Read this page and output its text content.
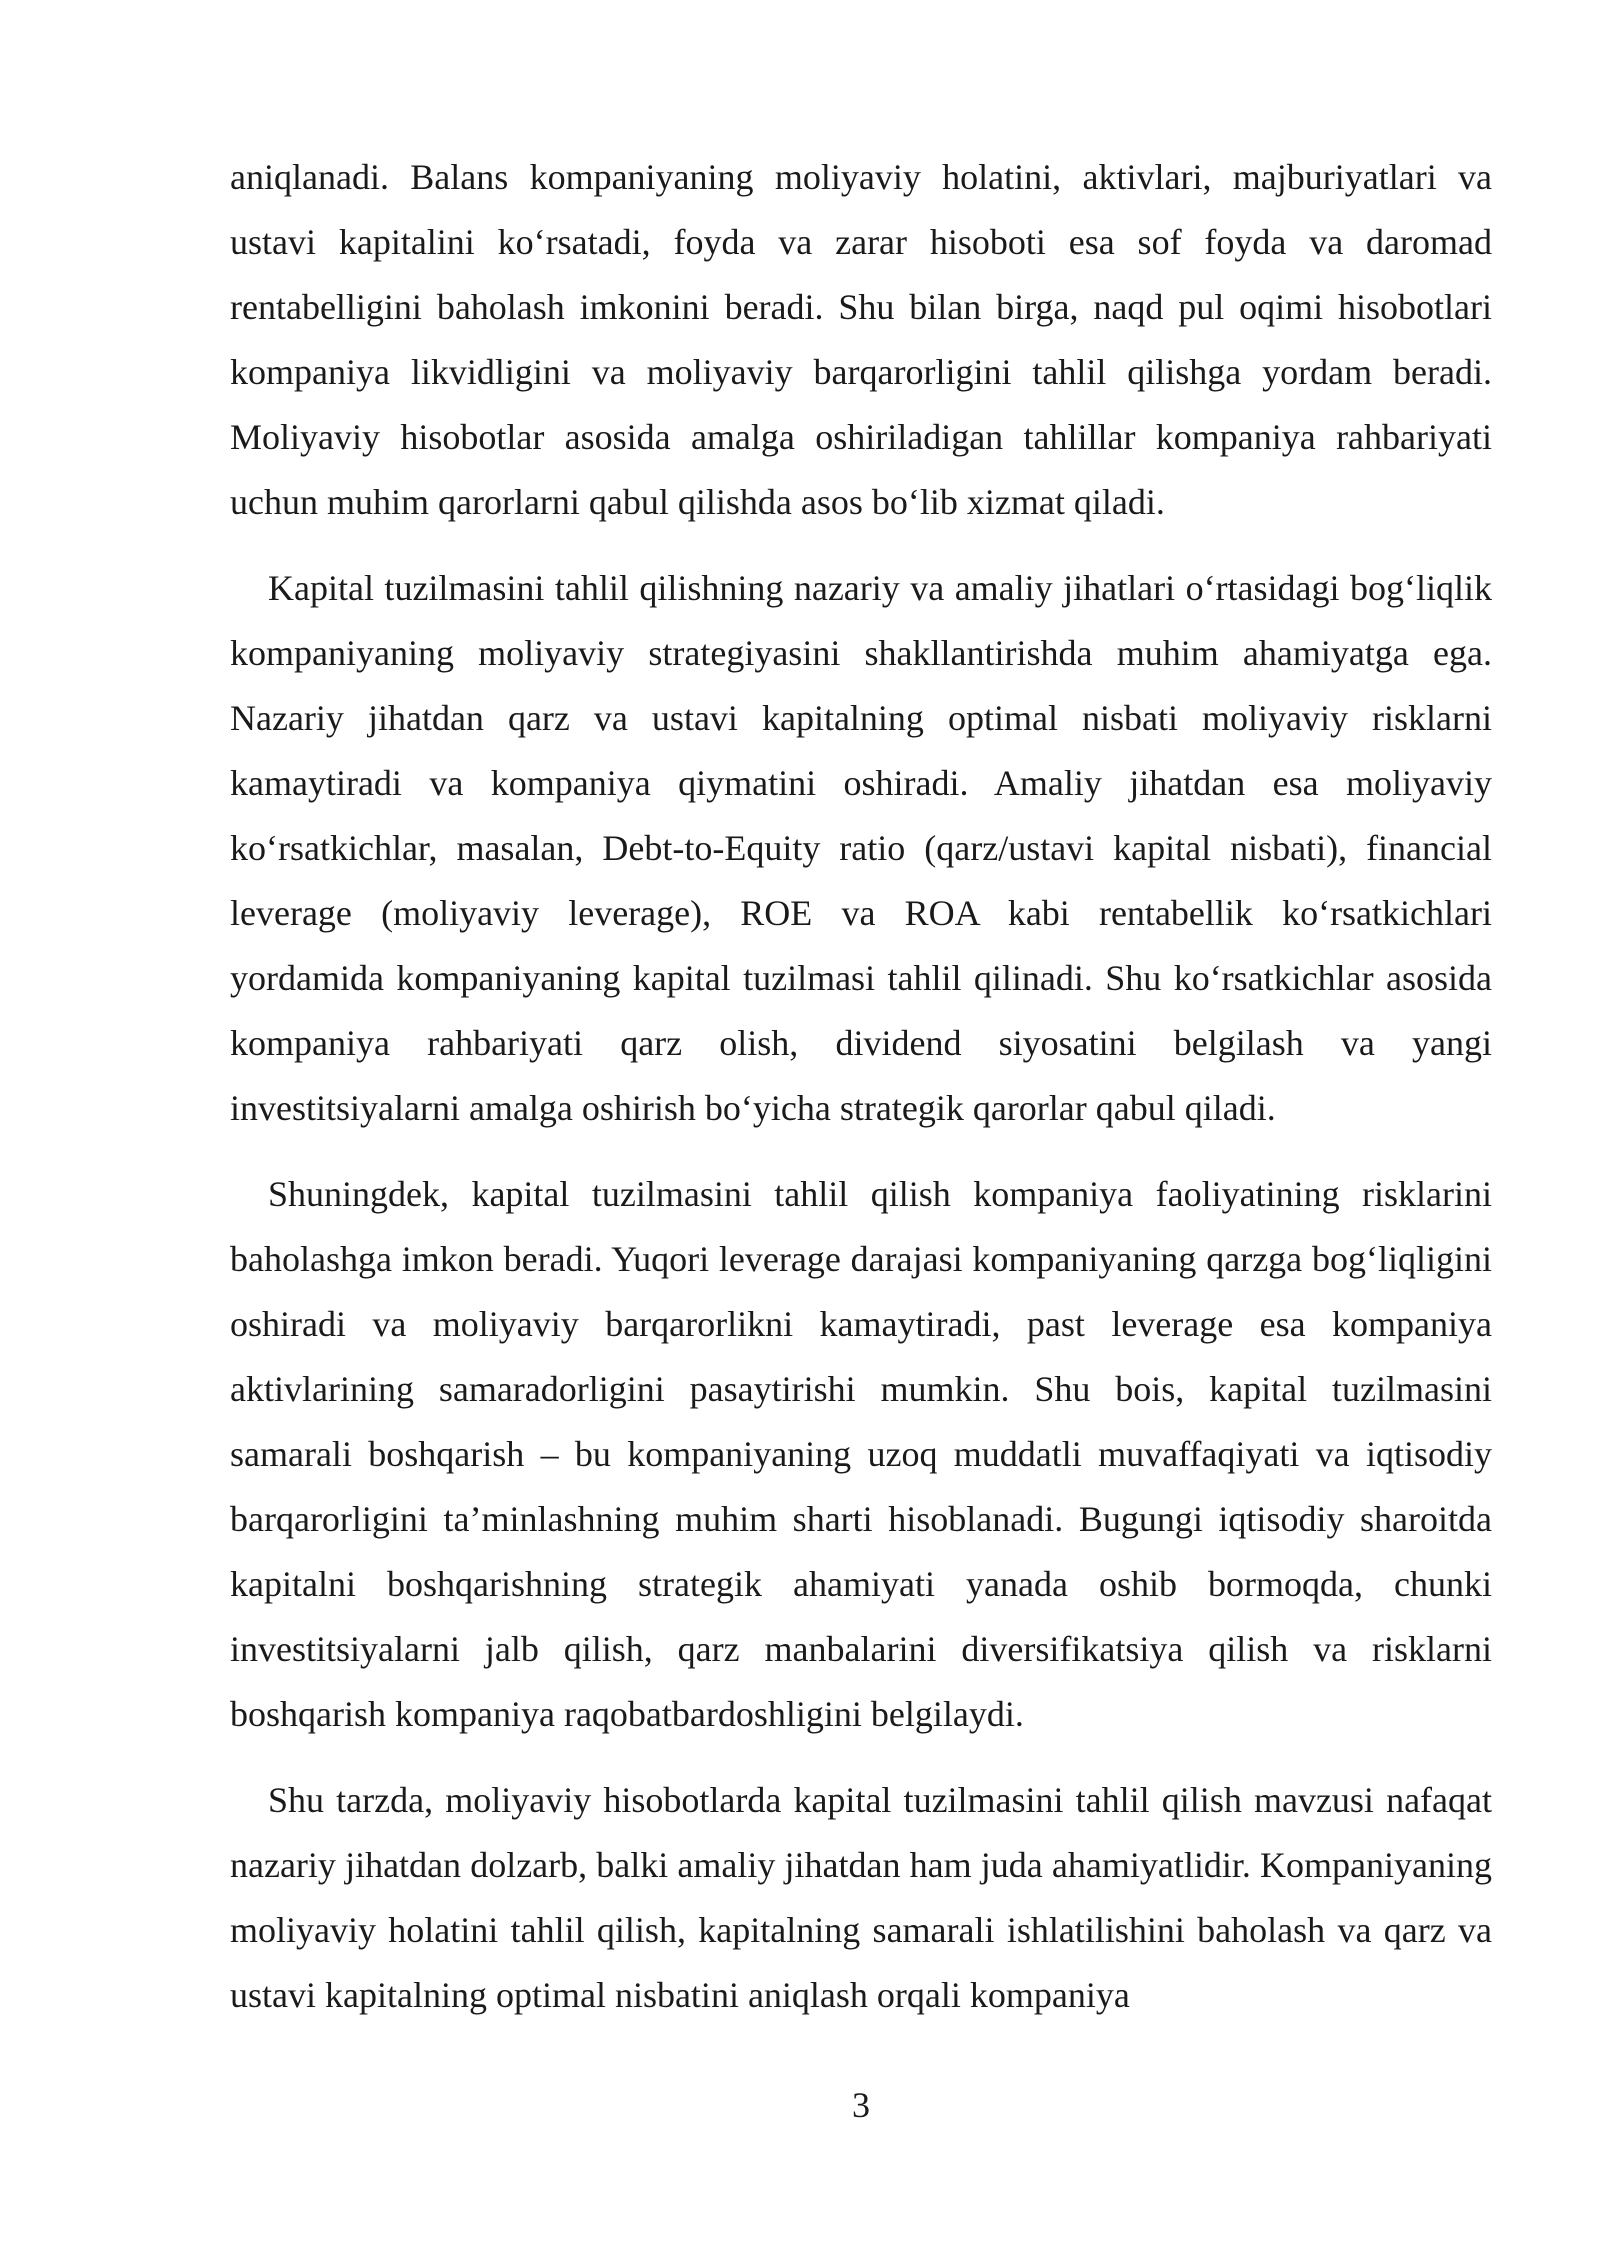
aniqlanadi. Balans kompaniyaning moliyaviy holatini, aktivlari, majburiyatlari va ustavi kapitalini ko‘rsatadi, foyda va zarar hisoboti esa sof foyda va daromad rentabelligini baholash imkonini beradi. Shu bilan birga, naqd pul oqimi hisobotlari kompaniya likvidligini va moliyaviy barqarorligini tahlil qilishga yordam beradi. Moliyaviy hisobotlar asosida amalga oshiriladigan tahlillar kompaniya rahbariyati uchun muhim qarorlarni qabul qilishda asos bo‘lib xizmat qiladi.

Kapital tuzilmasini tahlil qilishning nazariy va amaliy jihatlari o‘rtasidagi bog‘liqlik kompaniyaning moliyaviy strategiyasini shakllantirishda muhim ahamiyatga ega. Nazariy jihatdan qarz va ustavi kapitalning optimal nisbati moliyaviy risklarni kamaytiradi va kompaniya qiymatini oshiradi. Amaliy jihatdan esa moliyaviy ko‘rsatkichlar, masalan, Debt-to-Equity ratio (qarz/ustavi kapital nisbati), financial leverage (moliyaviy leverage), ROE va ROA kabi rentabellik ko‘rsatkichlari yordamida kompaniyaning kapital tuzilmasi tahlil qilinadi. Shu ko‘rsatkichlar asosida kompaniya rahbariyati qarz olish, dividend siyosatini belgilash va yangi investitsiyalarni amalga oshirish bo‘yicha strategik qarorlar qabul qiladi.

Shuningdek, kapital tuzilmasini tahlil qilish kompaniya faoliyatining risklarini baholashga imkon beradi. Yuqori leverage darajasi kompaniyaning qarzga bog‘liqligini oshiradi va moliyaviy barqarorlikni kamaytiradi, past leverage esa kompaniya aktivlarining samaradorligini pasaytirishi mumkin. Shu bois, kapital tuzilmasini samarali boshqarish – bu kompaniyaning uzoq muddatli muvaffaqiyati va iqtisodiy barqarorligini ta’minlashning muhim sharti hisoblanadi. Bugungi iqtisodiy sharoitda kapitalni boshqarishning strategik ahamiyati yanada oshib bormoqda, chunki investitsiyalarni jalb qilish, qarz manbalarini diversifikatsiya qilish va risklarni boshqarish kompaniya raqobatbardoshligini belgilaydi.

Shu tarzda, moliyaviy hisobotlarda kapital tuzilmasini tahlil qilish mavzusi nafaqat nazariy jihatdan dolzarb, balki amaliy jihatdan ham juda ahamiyatlidir. Kompaniyaning moliyaviy holatini tahlil qilish, kapitalning samarali ishlatilishini baholash va qarz va ustavi kapitalning optimal nisbatini aniqlash orqali kompaniya

3
